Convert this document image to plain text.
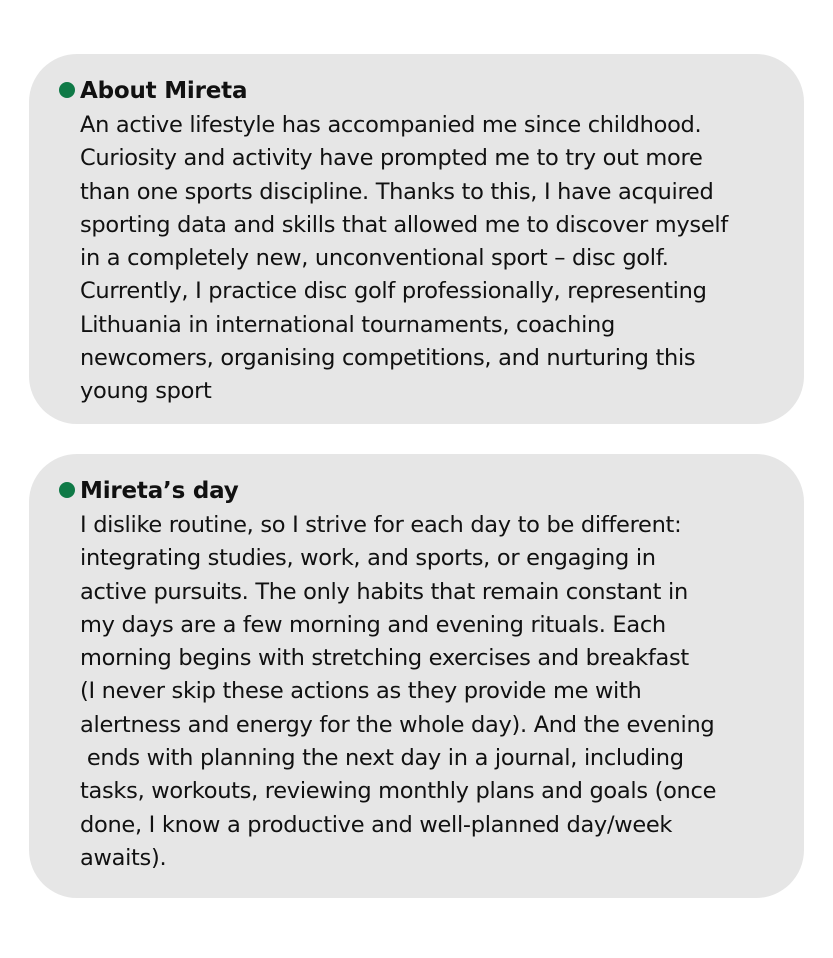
About Mireta
An active lifestyle has accompanied me since childhood.
Curiosity and activity have prompted me to try out more
than one sports discipline. Thanks to this, I have acquired
sporting data and skills that allowed me to discover myself
in a completely new, unconventional sport – disc golf.
Currently, I practice disc golf professionally, representing
Lithuania in international tournaments, coaching
newcomers, organising competitions, and nurturing this
young sport
Mireta’s day
I dislike routine, so I strive for each day to be different:
integrating studies, work, and sports, or engaging in
active pursuits. The only habits that remain constant in
my days are a few morning and evening rituals. Each
morning begins with stretching exercises and breakfast
(I never skip these actions as they provide me with
alertness and energy for the whole day). And the evening
ends with planning the next day in a journal, including
tasks, workouts, reviewing monthly plans and goals (once
done, I know a productive and well-planned day/week
awaits).
